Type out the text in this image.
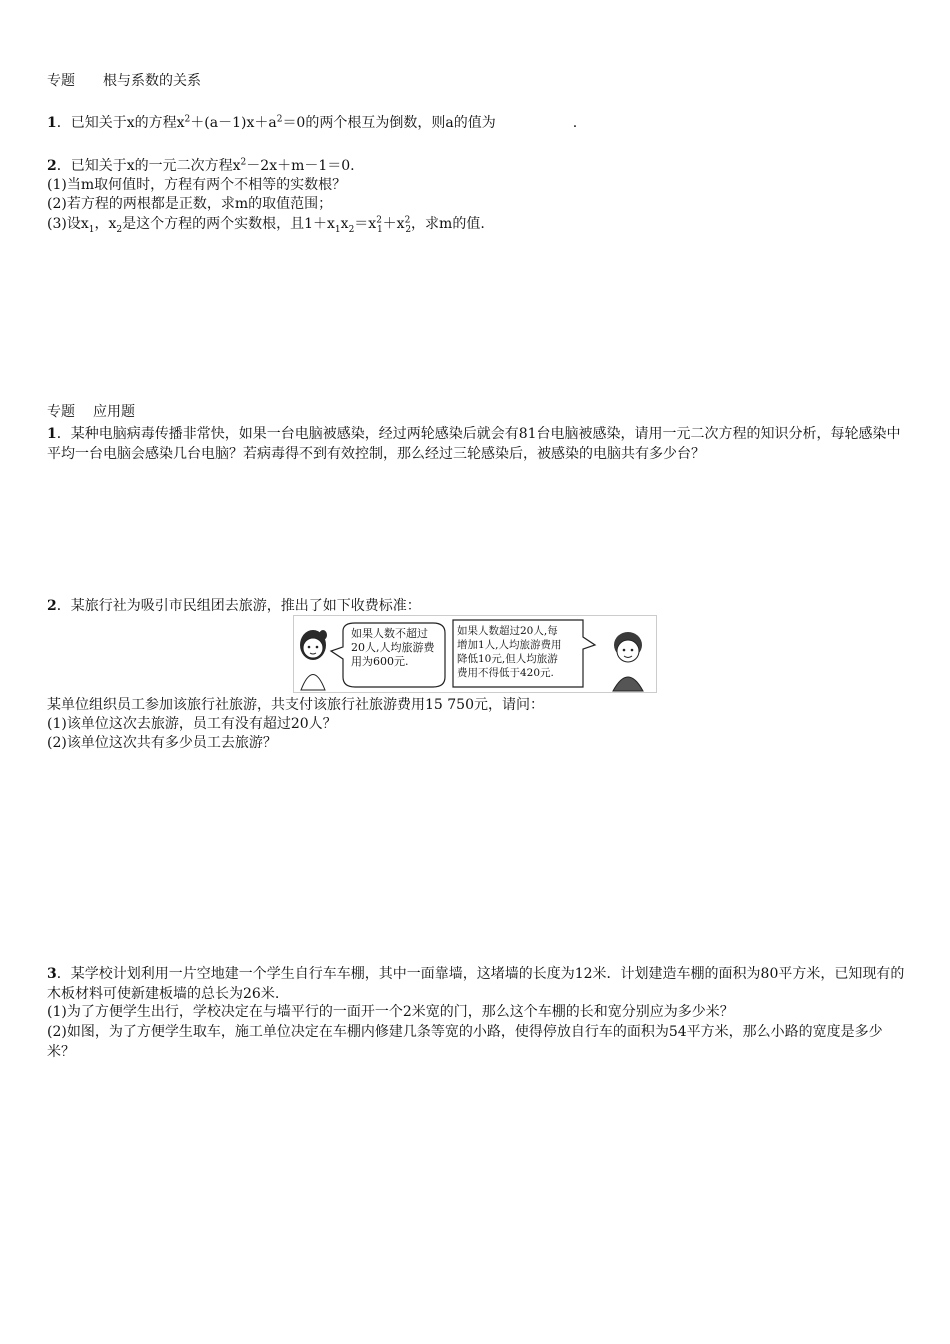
专题 根与系数的关系
1．已知关于x的方程$x^2+(a-1)x+a^2=0$的两个根互为倒数，则a的值为	.
2．已知关于x的一元二次方程$x^2-2x+m-1=0$.
(1)当m取何值时，方程有两个不相等的实数根？
(2)若方程的两根都是正数，求m的取值范围；
(3)设$x_1$，$x_2$是这个方程的两个实数根，且$1+x_1x_2=x^2_1+x^2_2$，求m的值.
专题 应用题
1．某种电脑病毒传播非常快，如果一台电脑被感染，经过两轮感染后就会有81台电脑被感染，请用一元二次方程的知识分析，每轮感染中平均一台电脑会感染几台电脑？若病毒得不到有效控制，那么经过三轮感染后，被感染的电脑共有多少台？
2．某旅行社为吸引市民组团去旅游，推出了如下收费标准：
如果人数不超过
20人,人均旅游费
用为600元.
如果人数超过20人,每
增加1人,人均旅游费用
降低10元,但人均旅游
费用不得低于420元.
某单位组织员工参加该旅行社旅游，共支付该旅行社旅游费用15 750元，请问：
(1)该单位这次去旅游，员工有没有超过20人？
(2)该单位这次共有多少员工去旅游？
3．某学校计划利用一片空地建一个学生自行车车棚，其中一面靠墙，这堵墙的长度为12米．计划建造车棚的面积为80平方米，已知现有的木板材料可使新建板墙的总长为26米.
(1)为了方便学生出行，学校决定在与墙平行的一面开一个2米宽的门，那么这个车棚的长和宽分别应为多少米？
(2)如图，为了方便学生取车，施工单位决定在车棚内修建几条等宽的小路，使得停放自行车的面积为54平方米，那么小路的宽度是多少米？
